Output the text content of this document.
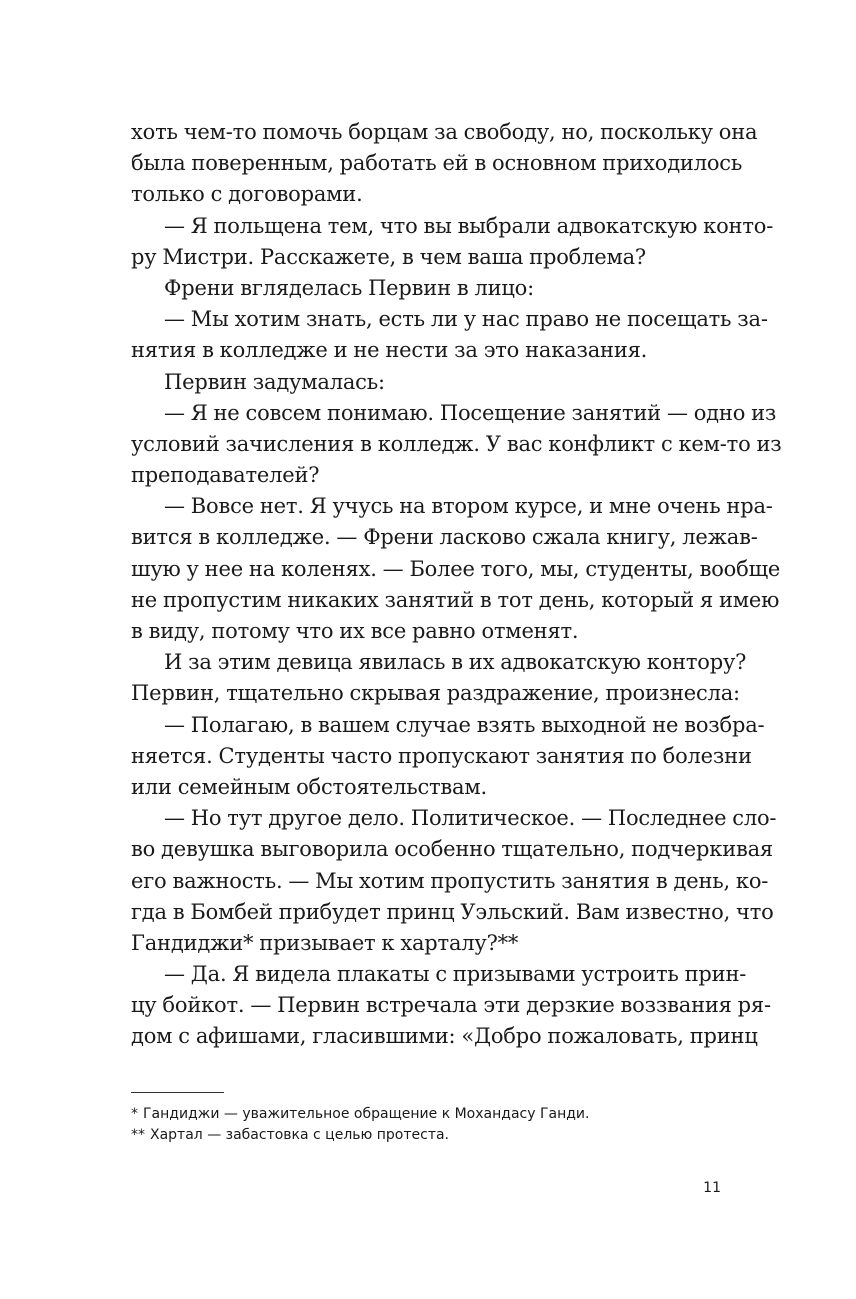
хоть чем-то помочь борцам за свободу, но, поскольку она
была поверенным, работать ей в основном приходилось
только с договорами.
— Я польщена тем, что вы выбрали адвокатскую конто-
ру Мистри. Расскажете, в чем ваша проблема?
Френи вгляделась Первин в лицо:
— Мы хотим знать, есть ли у нас право не посещать за-
нятия в колледже и не нести за это наказания.
Первин задумалась:
— Я не совсем понимаю. Посещение занятий — одно из
условий зачисления в колледж. У вас конфликт с кем-то из
преподавателей?
— Вовсе нет. Я учусь на втором курсе, и мне очень нра-
вится в колледже. — Френи ласково сжала книгу, лежав-
шую у нее на коленях. — Более того, мы, студенты, вообще
не пропустим никаких занятий в тот день, который я имею
в виду, потому что их все равно отменят.
И за этим девица явилась в их адвокатскую контору?
Первин, тщательно скрывая раздражение, произнесла:
— Полагаю, в вашем случае взять выходной не возбра-
няется. Студенты часто пропускают занятия по болезни
или семейным обстоятельствам.
— Но тут другое дело. Политическое. — Последнее сло-
во девушка выговорила особенно тщательно, подчеркивая
его важность. — Мы хотим пропустить занятия в день, ко-
гда в Бомбей прибудет принц Уэльский. Вам известно, что
Гандиджи* призывает к харталу?**
— Да. Я видела плакаты с призывами устроить прин-
цу бойкот. — Первин встречала эти дерзкие воззвания ря-
дом с афишами, гласившими: «Добро пожаловать, принц
* Гандиджи — уважительное обращение к Мохандасу Ганди.
** Хартал — забастовка с целью протеста.
11
